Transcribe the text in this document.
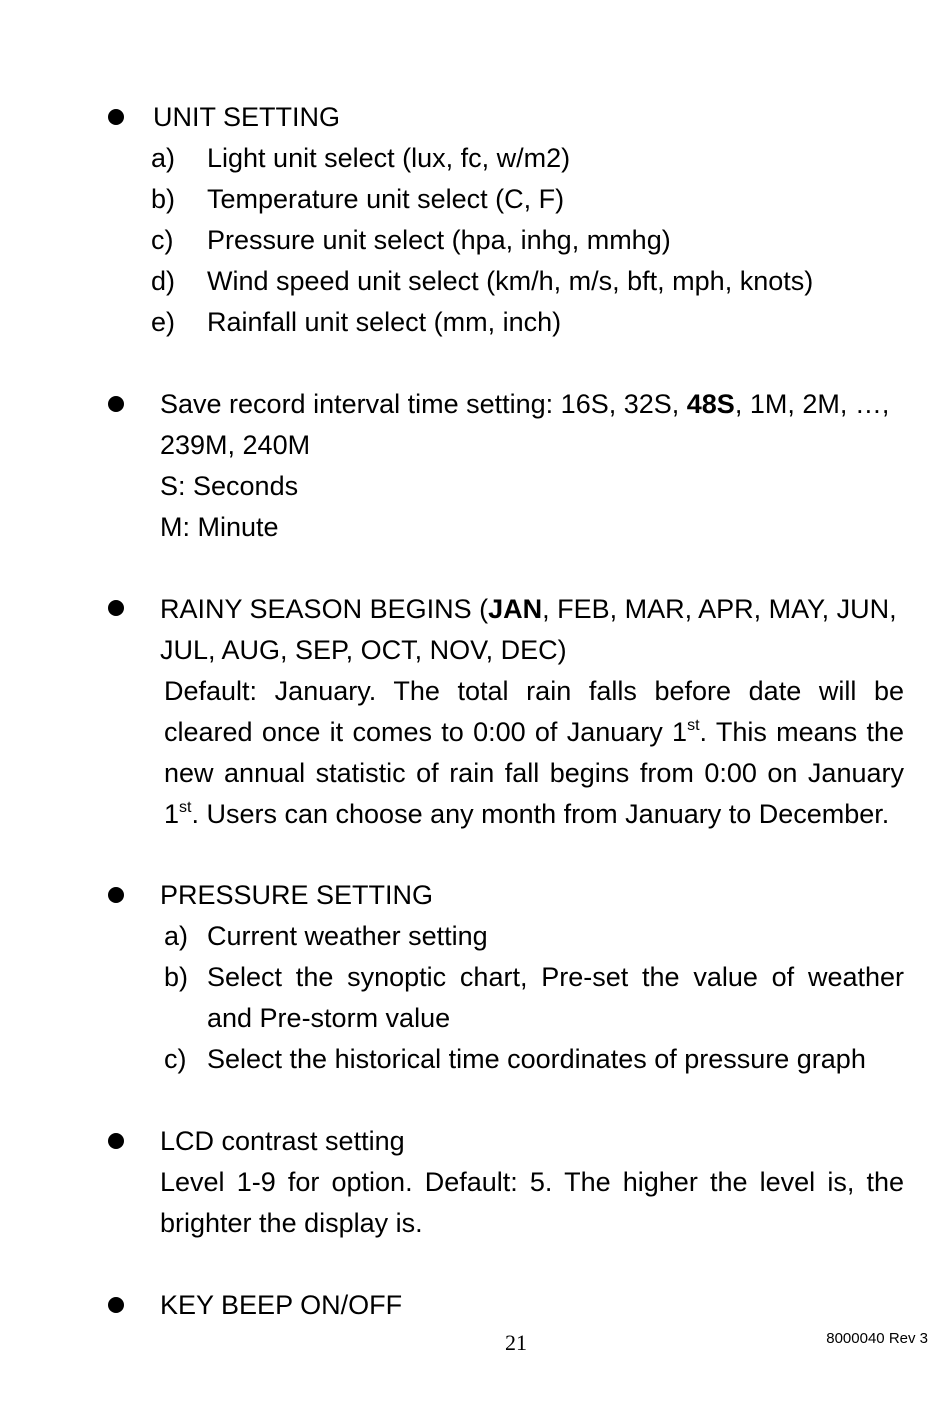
UNIT SETTING
a) Light unit select (lux, fc, w/m2)
b) Temperature unit select (C, F)
c) Pressure unit select (hpa, inhg, mmhg)
d) Wind speed unit select (km/h, m/s, bft, mph, knots)
e) Rainfall unit select (mm, inch)
Save record interval time setting: 16S, 32S, 48S, 1M, 2M, …,
239M, 240M
S: Seconds
M: Minute
RAINY SEASON BEGINS (JAN, FEB, MAR, APR, MAY, JUN,
JUL, AUG, SEP, OCT, NOV, DEC)
Default: January. The total rain falls before date will be
cleared once it comes to 0:00 of January 1st. This means the
new annual statistic of rain fall begins from 0:00 on January
1st. Users can choose any month from January to December.
PRESSURE SETTING
a) Current weather setting
b) Select the synoptic chart, Pre-set the value of weather
and Pre-storm value
c) Select the historical time coordinates of pressure graph
LCD contrast setting
Level 1-9 for option. Default: 5. The higher the level is, the
brighter the display is.
KEY BEEP ON/OFF
21	8000040 Rev 3
